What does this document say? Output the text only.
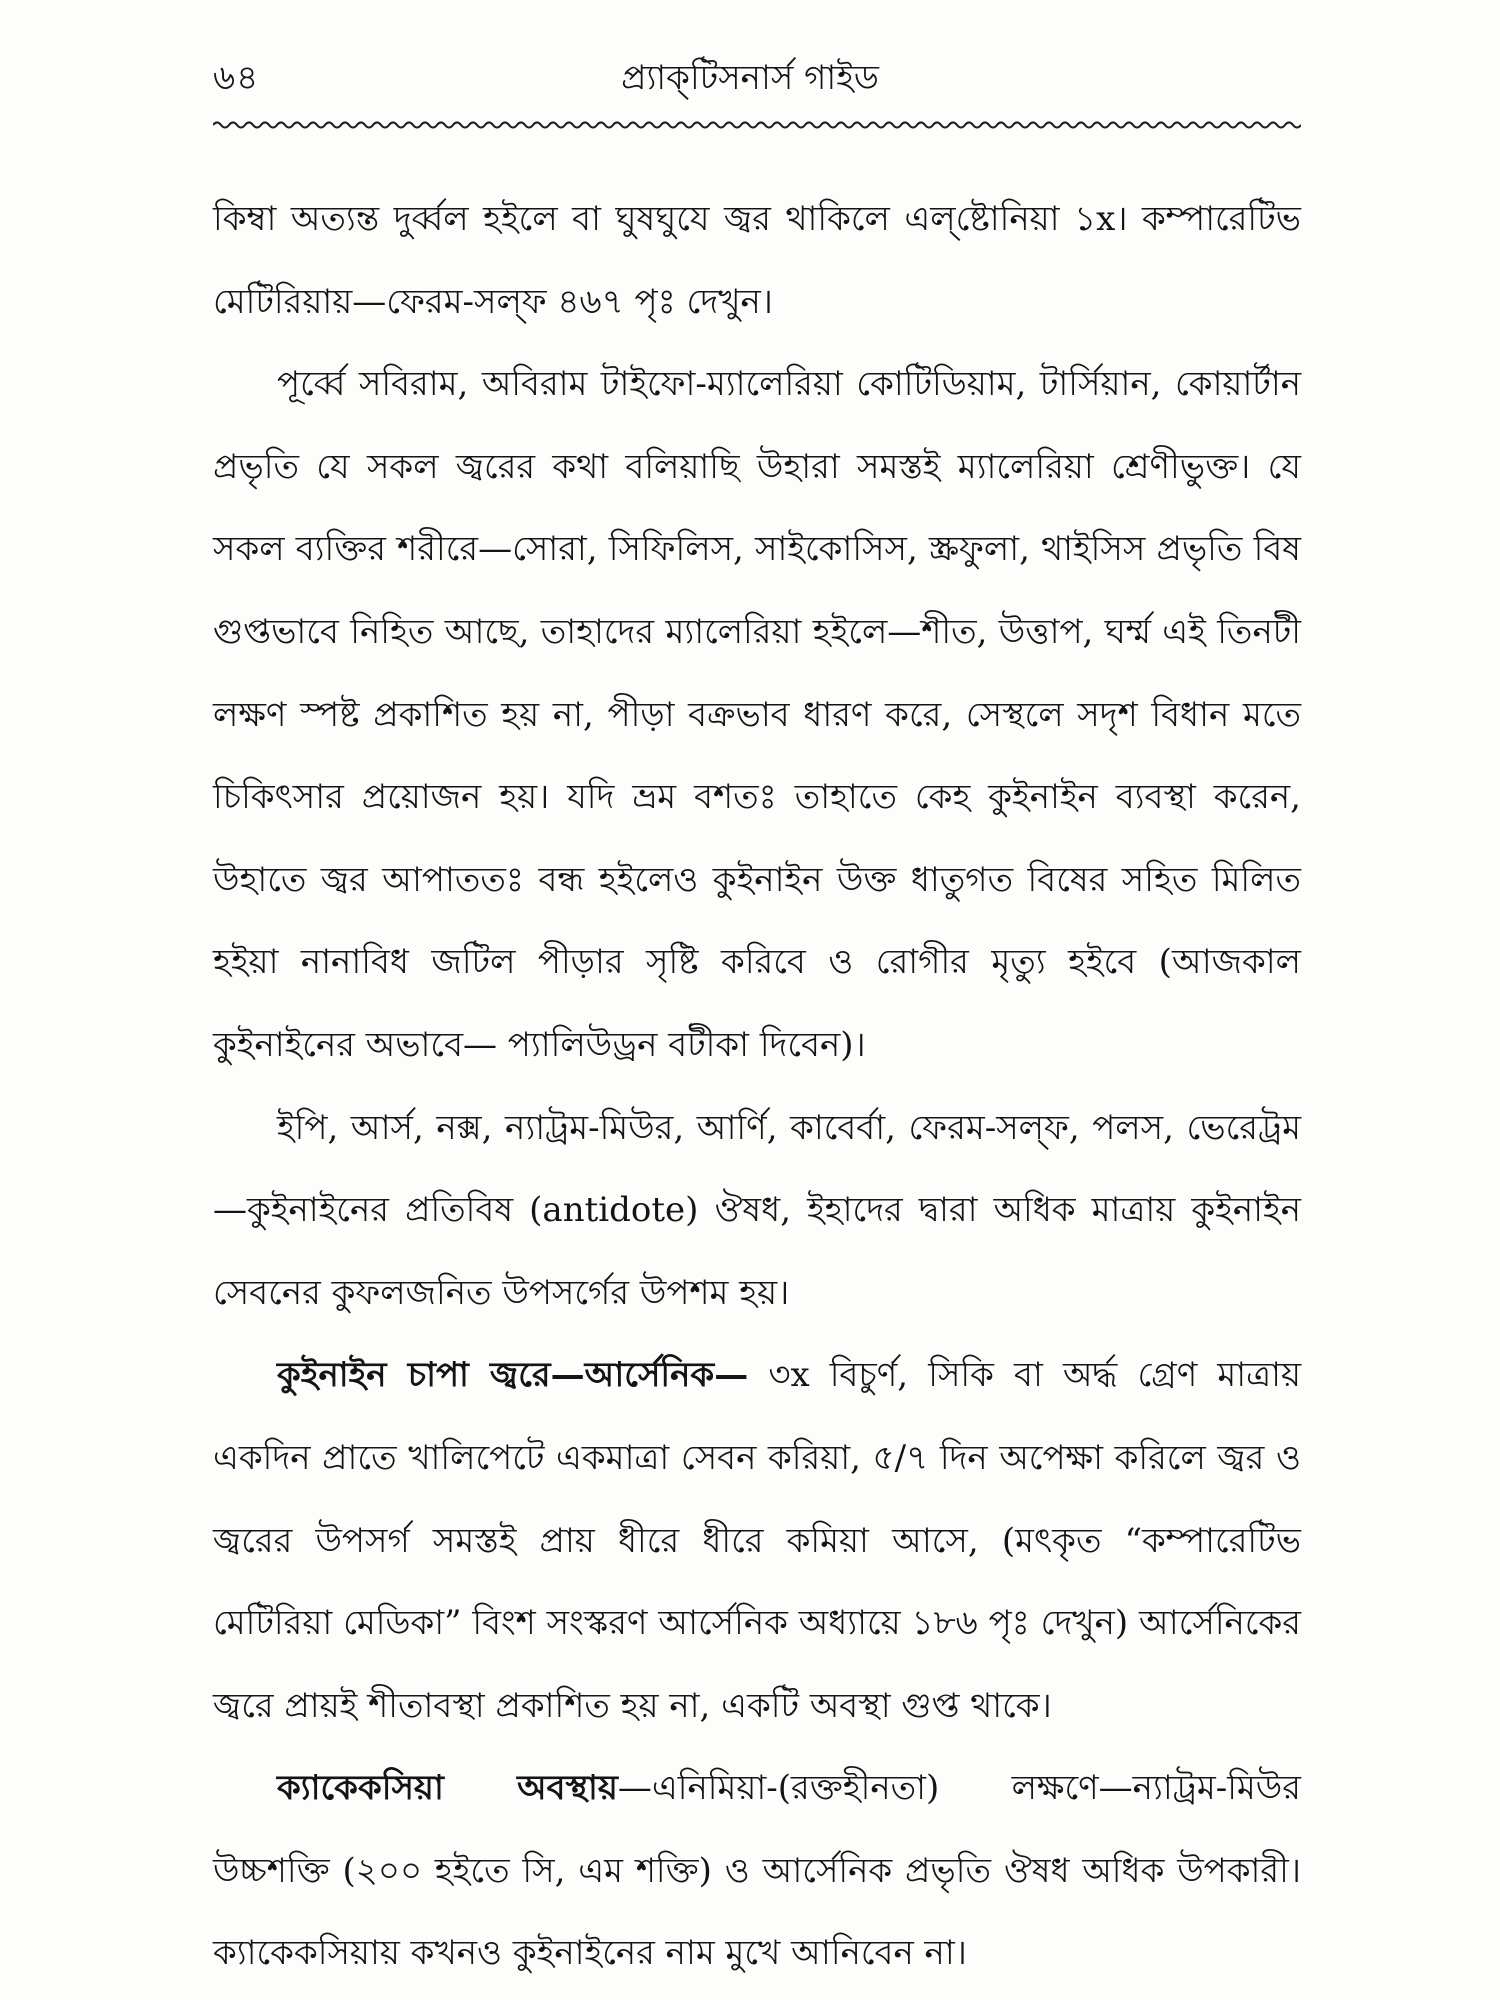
৬৪	প্র্যাক্‌টিসনার্স গাইড

কিম্বা অত্যন্ত দুর্ব্বল হইলে বা ঘুষঘুযে জ্বর থাকিলে এল্‌ষ্টোনিয়া ১x। কম্পারেটিভ মেটিরিয়ায়—ফেরম-সল্‌ফ ৪৬৭ পৃঃ দেখুন।

পূর্ব্বে সবিরাম, অবিরাম টাইফো-ম্যালেরিয়া কোটিডিয়াম, টার্সিয়ান, কোয়ার্টান প্রভৃতি যে সকল জ্বরের কথা বলিয়াছি উহারা সমস্তই ম্যালেরিয়া শ্রেণীভুক্ত। যে সকল ব্যক্তির শরীরে—সোরা, সিফিলিস, সাইকোসিস, স্ক্রফুলা, থাইসিস প্রভৃতি বিষ গুপ্তভাবে নিহিত আছে, তাহাদের ম্যালেরিয়া হইলে—শীত, উত্তাপ, ঘর্ম্ম এই তিনটী লক্ষণ স্পষ্ট প্রকাশিত হয় না, পীড়া বক্রভাব ধারণ করে, সেস্থলে সদৃশ বিধান মতে চিকিৎসার প্রয়োজন হয়। যদি ভ্রম বশতঃ তাহাতে কেহ কুইনাইন ব্যবস্থা করেন, উহাতে জ্বর আপাততঃ বন্ধ হইলেও কুইনাইন উক্ত ধাতুগত বিষের সহিত মিলিত হইয়া নানাবিধ জটিল পীড়ার সৃষ্টি করিবে ও রোগীর মৃত্যু হইবে (আজকাল কুইনাইনের অভাবে— প্যালিউড্রন বটীকা দিবেন)।

ইপি, আর্স, নক্স, ন্যাট্রম-মিউর, আর্ণি, কাবের্বা, ফেরম-সল্‌ফ, পলস, ভেরেট্রম—কুইনাইনের প্রতিবিষ (antidote) ঔষধ, ইহাদের দ্বারা অধিক মাত্রায় কুইনাইন সেবনের কুফলজনিত উপসর্গের উপশম হয়।

কুইনাইন চাপা জ্বরে—আর্সেনিক— ৩x বিচুর্ণ, সিকি বা অর্দ্ধ গ্রেণ মাত্রায় একদিন প্রাতে খালিপেটে একমাত্রা সেবন করিয়া, ৫/৭ দিন অপেক্ষা করিলে জ্বর ও জ্বরের উপসর্গ সমস্তই প্রায় ধীরে ধীরে কমিয়া আসে, (মৎকৃত “কম্পারেটিভ মেটিরিয়া মেডিকা” বিংশ সংস্করণ আর্সেনিক অধ্যায়ে ১৮৬ পৃঃ দেখুন) আর্সেনিকের জ্বরে প্রায়ই শীতাবস্থা প্রকাশিত হয় না, একটি অবস্থা গুপ্ত থাকে।

ক্যাকেকসিয়া অবস্থায়—এনিমিয়া-(রক্তহীনতা) লক্ষণে—ন্যাট্রম-মিউর উচ্চশক্তি (২০০ হইতে সি, এম শক্তি) ও আর্সেনিক প্রভৃতি ঔষধ অধিক উপকারী। ক্যাকেকসিয়ায় কখনও কুইনাইনের নাম মুখে আনিবেন না।
